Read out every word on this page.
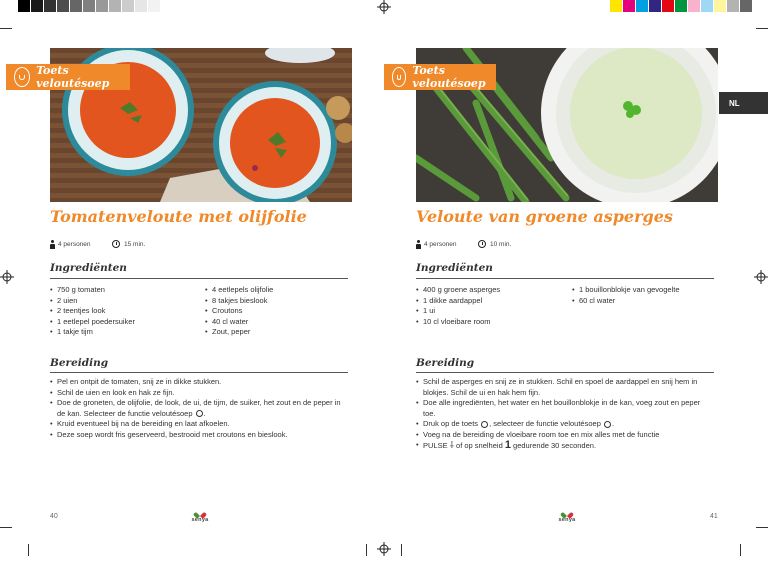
Toets veloutésoep
Tomatenveloute met olijfolie
4 personen	15 min.
Ingrediënten
• 750 g tomaten
• 2 uien
• 2 teentjes look
• 1 eetlepel poedersuiker
• 1 takje tijm
• 4 eetlepels olijfolie
• 8 takjes bieslook
• Croutons
• 40 cl water
• Zout, peper
Bereiding
• Pel en ontpit de tomaten, snij ze in dikke stukken.
• Schil de uien en look en hak ze fijn.
• Doe de groneten, de olijfolie, de look, de ui, de tijm, de suiker, het zout en de peper in de kan. Selecteer de functie veloutésoep .
• Kruid eventueel bij na de bereiding en laat afkoelen.
• Deze soep wordt fris geserveerd, bestrooid met croutons en bieslook.
40	senya
Toets veloutésoep
NL
Veloute van groene asperges
4 personen	10 min.
Ingrediënten
• 400 g groene asperges
• 1 dikke aardappel
• 1 ui
• 10 cl vloeibare room
• 1 bouillonblokje van gevogelte
• 60 cl water
Bereiding
• Schil de asperges en snij ze in stukken. Schil en spoel de aardappel en snij hem in blokjes. Schil de ui en hak hem fijn.
• Doe alle ingrediënten, het water en het bouillonblokje in de kan, voeg zout en peper toe.
• Druk op de toets , selecteer de functie veloutésoep .
• Voeg na de bereiding de vloeibare room toe en mix alles met de functie
• PULSE ⸸ of op snelheid 1 gedurende 30 seconden.
41
senya
